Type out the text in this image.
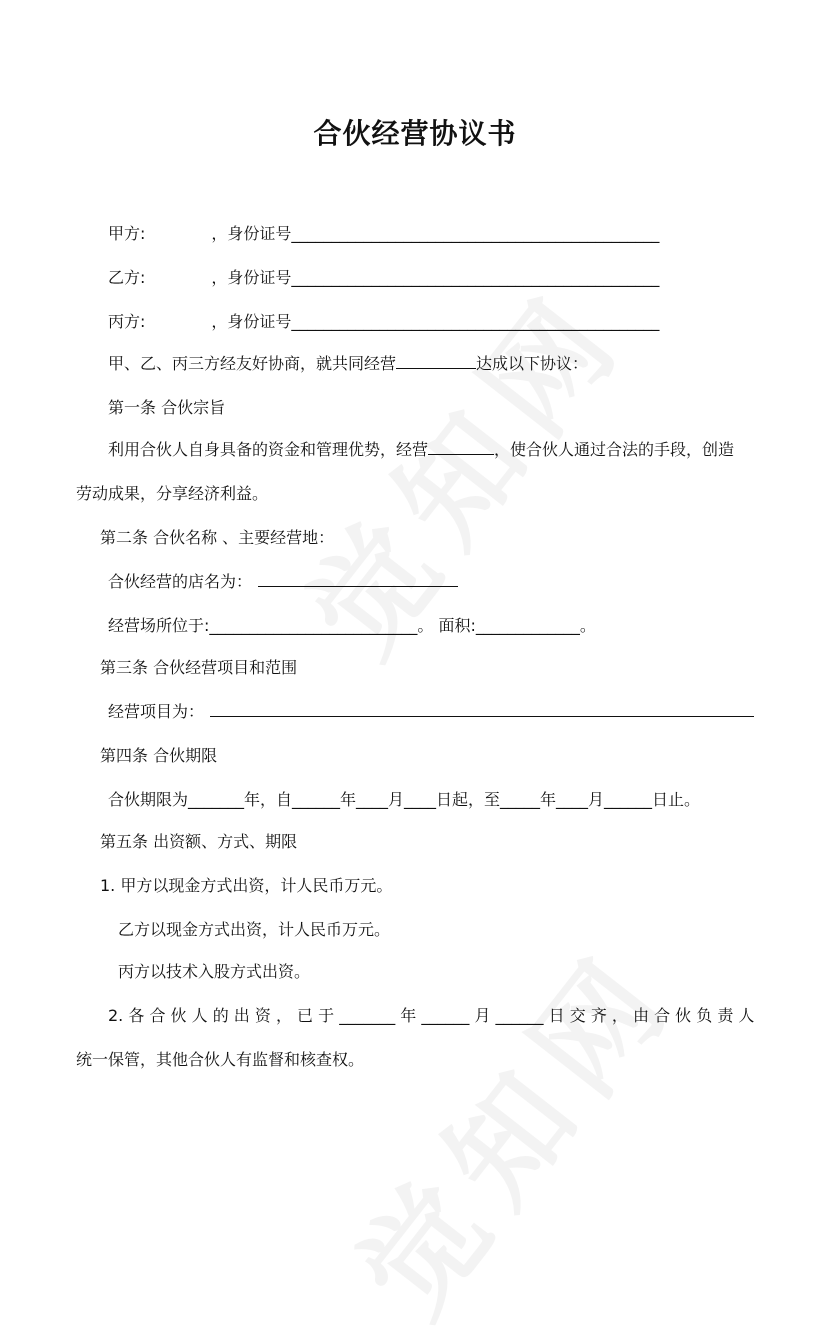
合伙经营协议书
甲方:	，身份证号______________________________________________
乙方:	，身份证号______________________________________________
丙方:	，身份证号______________________________________________
甲、乙、丙三方经友好协商，就共同经营	达成以下协议：
第一条 合伙宗旨
利用合伙人自身具备的资金和管理优势，经营	，使合伙人通过合法的手段，创造
劳动成果，分享经济利益。
第二条 合伙名称 、主要经营地：
合伙经营的店名为：
经营场所位于:__________________________。 面积:_____________。
第三条 合伙经营项目和范围
经营项目为：
第四条 合伙期限
合伙期限为_______年，自______年____月____日起，至_____年____月______日止。
第五条 出资额、方式、期限
1. 甲方以现金方式出资，计人民币万元。
乙方以现金方式出资，计人民币万元。
丙方以技术入股方式出资。
2. 各 合 伙 人 的 出 资 ， 已 于 _______ 年 ______ 月 ______ 日 交 齐 ， 由 合 伙 负 责 人
统一保管，其他合伙人有监督和核查权。
